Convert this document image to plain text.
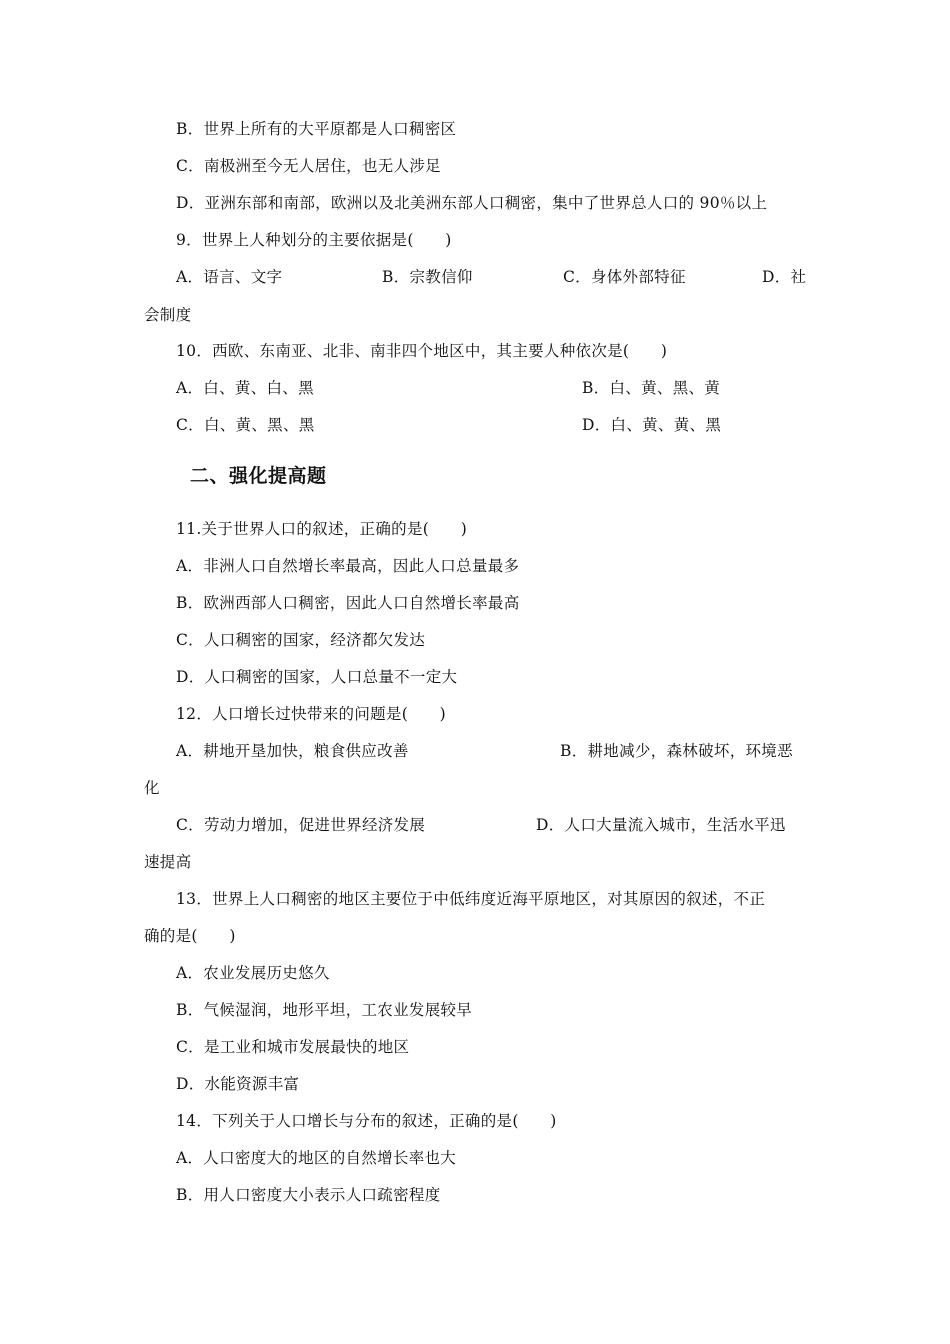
B．世界上所有的大平原都是人口稠密区
C．南极洲至今无人居住，也无人涉足
D．亚洲东部和南部，欧洲以及北美洲东部人口稠密，集中了世界总人口的 90％以上
9．世界上人种划分的主要依据是(　　)
A．语言、文字	B．宗教信仰	C．身体外部特征	D．社
会制度
10．西欧、东南亚、北非、南非四个地区中，其主要人种依次是(　　)
A．白、黄、白、黑	B．白、黄、黑、黄
C．白、黄、黑、黑	D．白、黄、黄、黑
二、强化提高题
11.关于世界人口的叙述，正确的是(　　)
A．非洲人口自然增长率最高，因此人口总量最多
B．欧洲西部人口稠密，因此人口自然增长率最高
C．人口稠密的国家，经济都欠发达
D．人口稠密的国家，人口总量不一定大
12．人口增长过快带来的问题是(　　)
A．耕地开垦加快，粮食供应改善	B．耕地减少，森林破坏，环境恶
化
C．劳动力增加，促进世界经济发展	D．人口大量流入城市，生活水平迅
速提高
13．世界上人口稠密的地区主要位于中低纬度近海平原地区，对其原因的叙述，不正
确的是(　　)
A．农业发展历史悠久
B．气候湿润，地形平坦，工农业发展较早
C．是工业和城市发展最快的地区
D．水能资源丰富
14．下列关于人口增长与分布的叙述，正确的是(　　)
A．人口密度大的地区的自然增长率也大
B．用人口密度大小表示人口疏密程度
